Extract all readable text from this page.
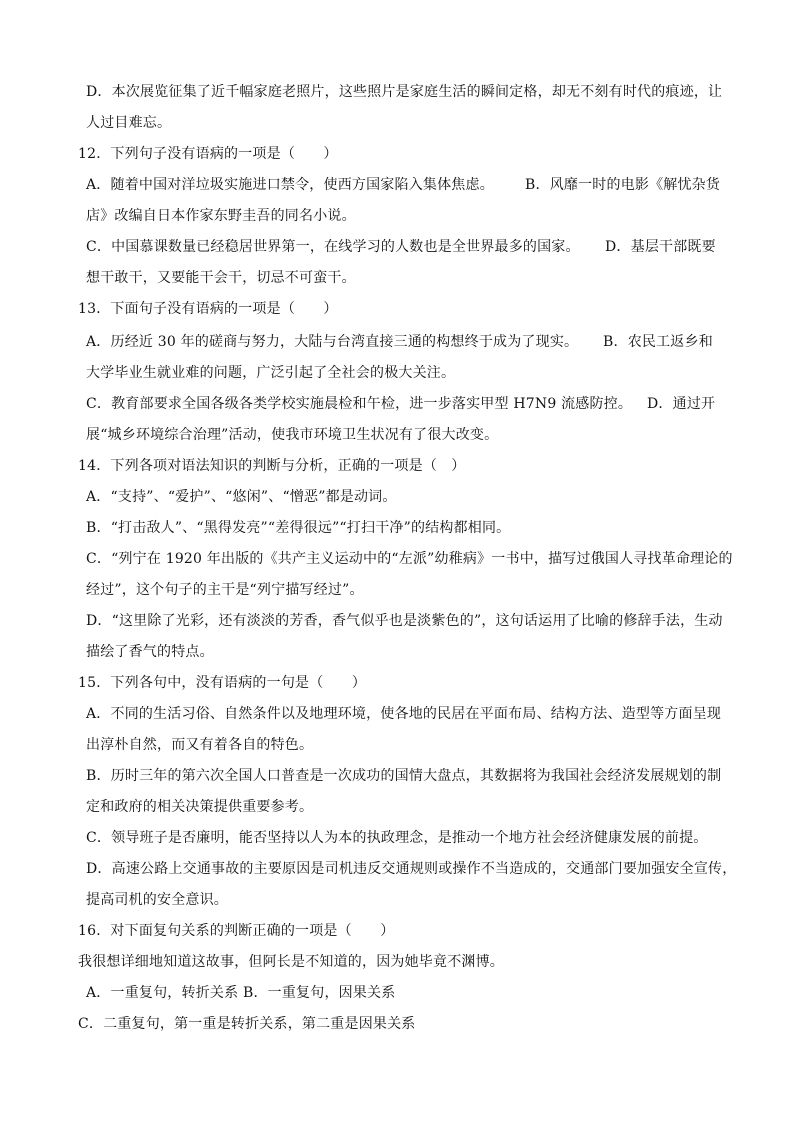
D．本次展览征集了近千幅家庭老照片，这些照片是家庭生活的瞬间定格，却无不刻有时代的痕迹，让
人过目难忘。
12．下列句子没有语病的一项是（　　）
A．随着中国对洋垃圾实施进口禁令，使西方国家陷入集体焦虑。 B．风靡一时的电影《解忧杂货
店》改编自日本作家东野圭吾的同名小说。
C．中国慕课数量已经稳居世界第一，在线学习的人数也是全世界最多的国家。 D．基层干部既要
想干敢干，又要能干会干，切忌不可蛮干。
13．下面句子没有语病的一项是（　　）
A．历经近 30 年的磋商与努力，大陆与台湾直接三通的构想终于成为了现实。 B．农民工返乡和
大学毕业生就业难的问题，广泛引起了全社会的极大关注。
C．教育部要求全国各级各类学校实施晨检和午检，进一步落实甲型 H7N9 流感防控。 D．通过开
展“城乡环境综合治理”活动，使我市环境卫生状况有了很大改变。
14．下列各项对语法知识的判断与分析，正确的一项是（　）
A．“支持”、“爱护”、“悠闲”、“憎恶”都是动词。
B．“打击敌人”、“黑得发亮”“差得很远”“打扫干净”的结构都相同。
C．“列宁在 1920 年出版的《共产主义运动中的“左派”幼稚病》一书中，描写过俄国人寻找革命理论的
经过”，这个句子的主干是“列宁描写经过”。
D．“这里除了光彩，还有淡淡的芳香，香气似乎也是淡紫色的”，这句话运用了比喻的修辞手法，生动
描绘了香气的特点。
15．下列各句中，没有语病的一句是（　　）
A．不同的生活习俗、自然条件以及地理环境，使各地的民居在平面布局、结构方法、造型等方面呈现
出淳朴自然，而又有着各自的特色。
B．历时三年的第六次全国人口普查是一次成功的国情大盘点，其数据将为我国社会经济发展规划的制
定和政府的相关决策提供重要参考。
C．领导班子是否廉明，能否坚持以人为本的执政理念，是推动一个地方社会经济健康发展的前提。
D．高速公路上交通事故的主要原因是司机违反交通规则或操作不当造成的，交通部门要加强安全宣传，
提高司机的安全意识。
16．对下面复句关系的判断正确的一项是（　　）
我很想详细地知道这故事，但阿长是不知道的，因为她毕竟不渊博。
A．一重复句，转折关系 B．一重复句，因果关系
C．二重复句，第一重是转折关系，第二重是因果关系
